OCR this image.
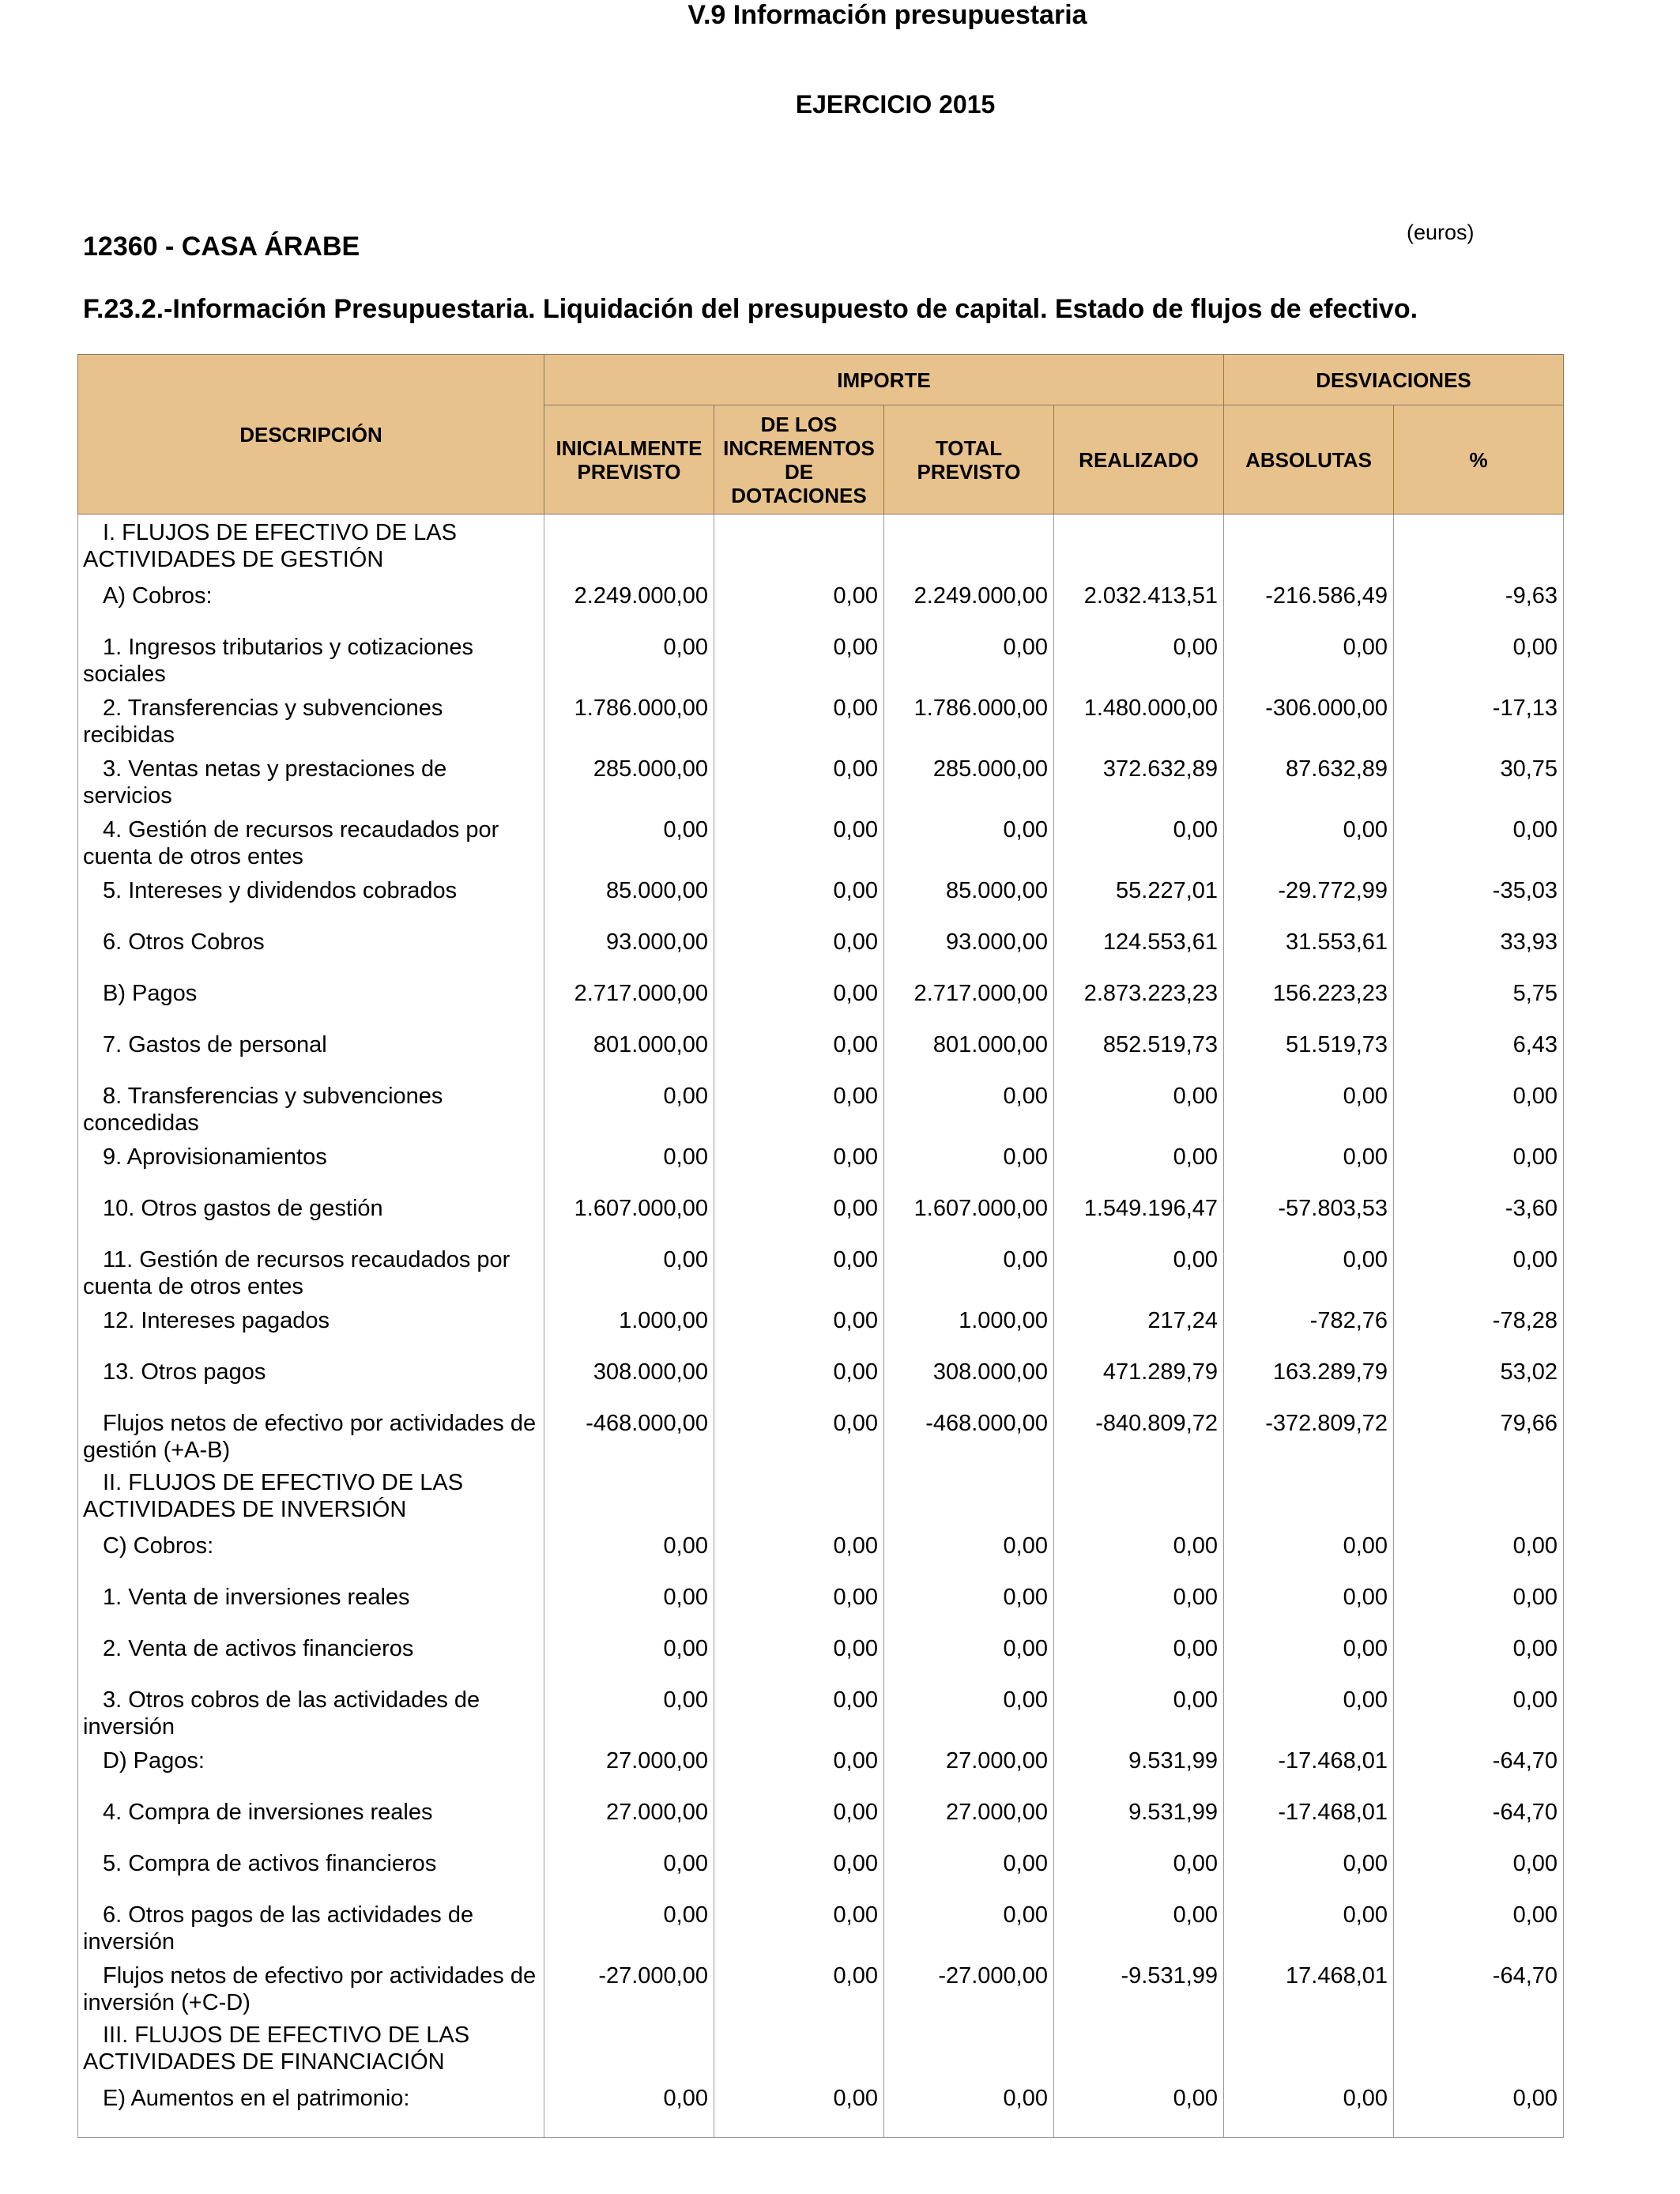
V.9 Información presupuestaria
EJERCICIO 2015
12360 - CASA ÁRABE	(euros)
F.23.2.-Información Presupuestaria. Liquidación del presupuesto de capital. Estado de flujos de efectivo.
DESCRIPCIÓN	IMPORTE				DESVIACIONES	
	INICIALMENTE PREVISTO	DE LOS INCREMENTOS DE DOTACIONES	TOTAL PREVISTO	REALIZADO	ABSOLUTAS	%
I. FLUJOS DE EFECTIVO DE LAS ACTIVIDADES DE GESTIÓN						
A) Cobros:	2.249.000,00	0,00	2.249.000,00	2.032.413,51	-216.586,49	-9,63
1. Ingresos tributarios y cotizaciones sociales	0,00	0,00	0,00	0,00	0,00	0,00
2. Transferencias y subvenciones recibidas	1.786.000,00	0,00	1.786.000,00	1.480.000,00	-306.000,00	-17,13
3. Ventas netas y prestaciones de servicios	285.000,00	0,00	285.000,00	372.632,89	87.632,89	30,75
4. Gestión de recursos recaudados por cuenta de otros entes	0,00	0,00	0,00	0,00	0,00	0,00
5. Intereses y dividendos cobrados	85.000,00	0,00	85.000,00	55.227,01	-29.772,99	-35,03
6. Otros Cobros	93.000,00	0,00	93.000,00	124.553,61	31.553,61	33,93
B) Pagos	2.717.000,00	0,00	2.717.000,00	2.873.223,23	156.223,23	5,75
7. Gastos de personal	801.000,00	0,00	801.000,00	852.519,73	51.519,73	6,43
8. Transferencias y subvenciones concedidas	0,00	0,00	0,00	0,00	0,00	0,00
9. Aprovisionamientos	0,00	0,00	0,00	0,00	0,00	0,00
10. Otros gastos de gestión	1.607.000,00	0,00	1.607.000,00	1.549.196,47	-57.803,53	-3,60
11. Gestión de recursos recaudados por cuenta de otros entes	0,00	0,00	0,00	0,00	0,00	0,00
12. Intereses pagados	1.000,00	0,00	1.000,00	217,24	-782,76	-78,28
13. Otros pagos	308.000,00	0,00	308.000,00	471.289,79	163.289,79	53,02
Flujos netos de efectivo por actividades de gestión (+A-B)	-468.000,00	0,00	-468.000,00	-840.809,72	-372.809,72	79,66
II. FLUJOS DE EFECTIVO DE LAS ACTIVIDADES DE INVERSIÓN						
C) Cobros:	0,00	0,00	0,00	0,00	0,00	0,00
1. Venta de inversiones reales	0,00	0,00	0,00	0,00	0,00	0,00
2. Venta de activos financieros	0,00	0,00	0,00	0,00	0,00	0,00
3. Otros cobros de las actividades de inversión	0,00	0,00	0,00	0,00	0,00	0,00
D) Pagos:	27.000,00	0,00	27.000,00	9.531,99	-17.468,01	-64,70
4. Compra de inversiones reales	27.000,00	0,00	27.000,00	9.531,99	-17.468,01	-64,70
5. Compra de activos financieros	0,00	0,00	0,00	0,00	0,00	0,00
6. Otros pagos de las actividades de inversión	0,00	0,00	0,00	0,00	0,00	0,00
Flujos netos de efectivo por actividades de inversión (+C-D)	-27.000,00	0,00	-27.000,00	-9.531,99	17.468,01	-64,70
III. FLUJOS DE EFECTIVO DE LAS ACTIVIDADES DE FINANCIACIÓN						
E) Aumentos en el patrimonio:	0,00	0,00	0,00	0,00	0,00	0,00
